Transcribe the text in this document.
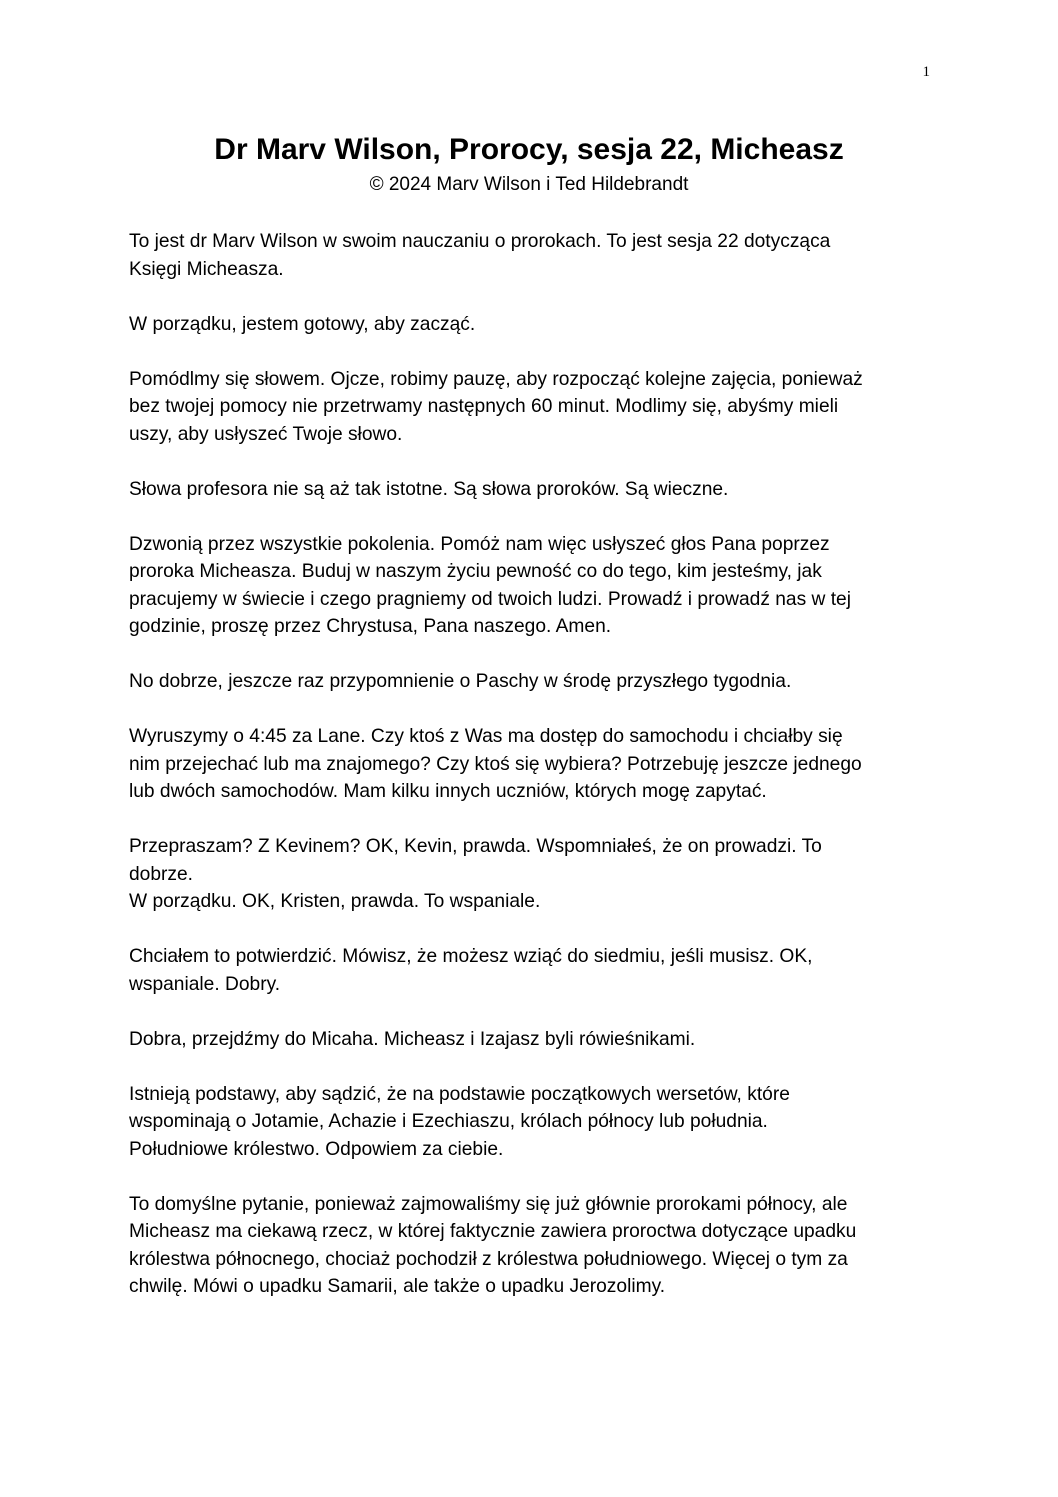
1
Dr Marv Wilson, Prorocy, sesja 22, Micheasz
© 2024 Marv Wilson i Ted Hildebrandt

To jest dr Marv Wilson w swoim nauczaniu o prorokach. To jest sesja 22 dotycząca
Księgi Micheasza.

W porządku, jestem gotowy, aby zacząć.

Pomódlmy się słowem. Ojcze, robimy pauzę, aby rozpocząć kolejne zajęcia, ponieważ
bez twojej pomocy nie przetrwamy następnych 60 minut. Modlimy się, abyśmy mieli
uszy, aby usłyszeć Twoje słowo.

Słowa profesora nie są aż tak istotne. Są słowa proroków. Są wieczne.

Dzwonią przez wszystkie pokolenia. Pomóż nam więc usłyszeć głos Pana poprzez
proroka Micheasza. Buduj w naszym życiu pewność co do tego, kim jesteśmy, jak
pracujemy w świecie i czego pragniemy od twoich ludzi. Prowadź i prowadź nas w tej
godzinie, proszę przez Chrystusa, Pana naszego. Amen.

No dobrze, jeszcze raz przypomnienie o Paschy w środę przyszłego tygodnia.

Wyruszymy o 4:45 za Lane. Czy ktoś z Was ma dostęp do samochodu i chciałby się
nim przejechać lub ma znajomego? Czy ktoś się wybiera? Potrzebuję jeszcze jednego
lub dwóch samochodów. Mam kilku innych uczniów, których mogę zapytać.

Przepraszam? Z Kevinem? OK, Kevin, prawda. Wspomniałeś, że on prowadzi. To
dobrze.
W porządku. OK, Kristen, prawda. To wspaniale.

Chciałem to potwierdzić. Mówisz, że możesz wziąć do siedmiu, jeśli musisz. OK,
wspaniale. Dobry.

Dobra, przejdźmy do Micaha. Micheasz i Izajasz byli rówieśnikami.

Istnieją podstawy, aby sądzić, że na podstawie początkowych wersetów, które
wspominają o Jotamie, Achazie i Ezechiaszu, królach północy lub południa.
Południowe królestwo. Odpowiem za ciebie.

To domyślne pytanie, ponieważ zajmowaliśmy się już głównie prorokami północy, ale
Micheasz ma ciekawą rzecz, w której faktycznie zawiera proroctwa dotyczące upadku
królestwa północnego, chociaż pochodził z królestwa południowego. Więcej o tym za
chwilę. Mówi o upadku Samarii, ale także o upadku Jerozolimy.
